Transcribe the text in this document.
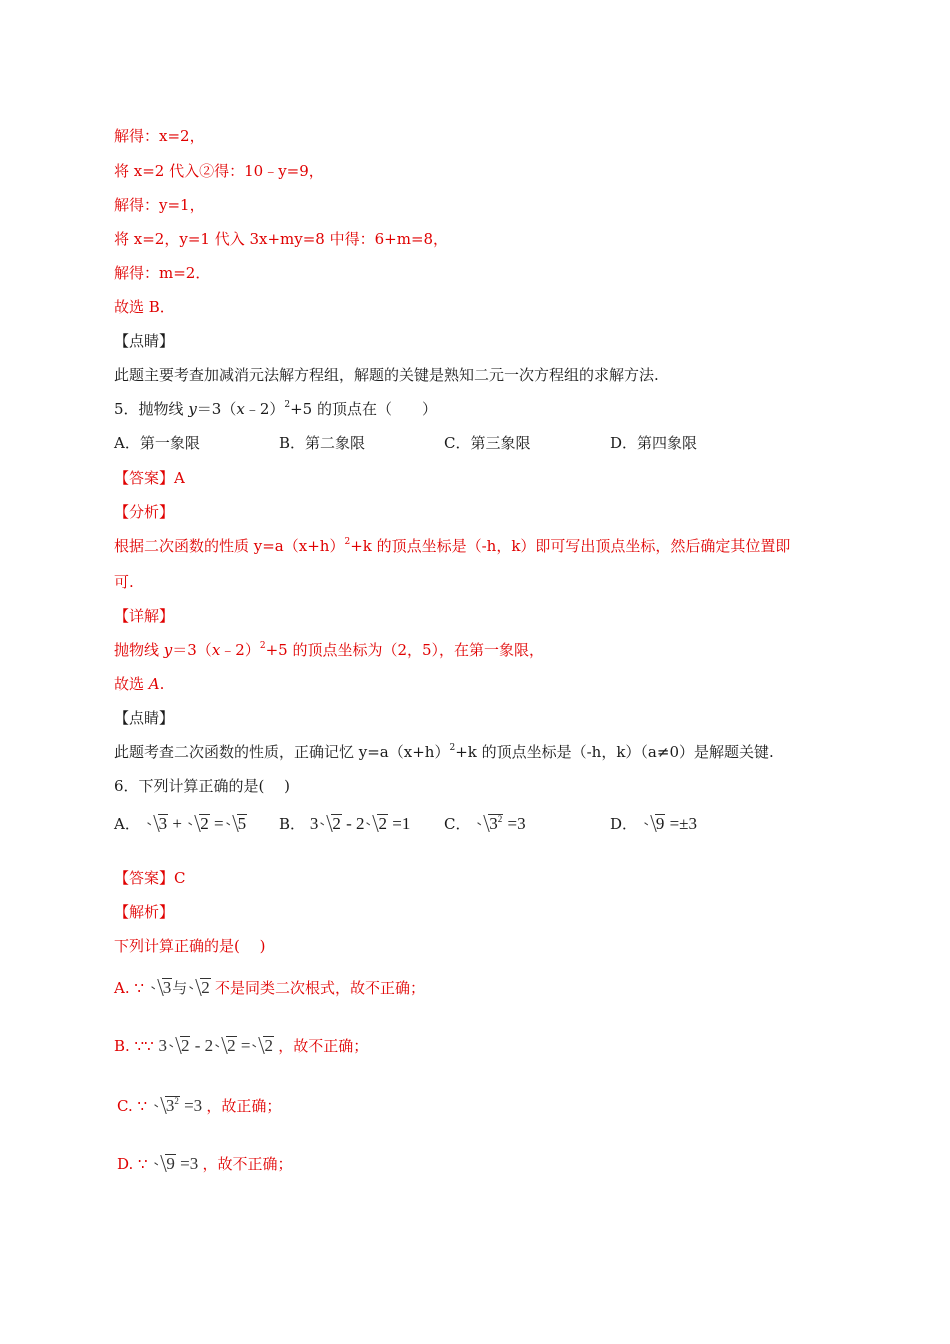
解得：x=2，
将 x=2 代入②得：10﹣y=9，
解得：y=1，
将 x=2，y=1 代入 3x+my=8 中得：6+m=8，
解得：m=2．
故选 B．
【点睛】
此题主要考查加减消元法解方程组，解题的关键是熟知二元一次方程组的求解方法.
5．抛物线 y＝3（x﹣2）$^2$+5 的顶点在（　　）
A．第一象限	B．第二象限	C．第三象限	D．第四象限
【答案】A
【分析】
根据二次函数的性质 $y=a(x+h)^2+k$ 的顶点坐标是（-h，k）即可写出顶点坐标，然后确定其位置即
可.
【详解】
抛物线 y＝3（x﹣2）$^2$+5 的顶点坐标为（2，5），在第一象限，
故选 A.
【点睛】
此题考查二次函数的性质，正确记忆 $y=a(x+h)^2+k$ 的顶点坐标是（-h，k）（a≠0）是解题关键.
6．下列计算正确的是(　 )
A． 3 + 2 = 5 B． 3 2 - 2 2 =1 C． $3^2 =3$	D． 9 =±3
【答案】C
【解析】
下列计算正确的是(　 )
A. ∵ 3与 2 不是同类二次根式，故不正确；
B. ∵∵ 3 2 - 2 2 = 2 ，故不正确；
C. ∵ $3^2 =3$ ，故正确；
D. ∵ 9 =3 ，故不正确；
